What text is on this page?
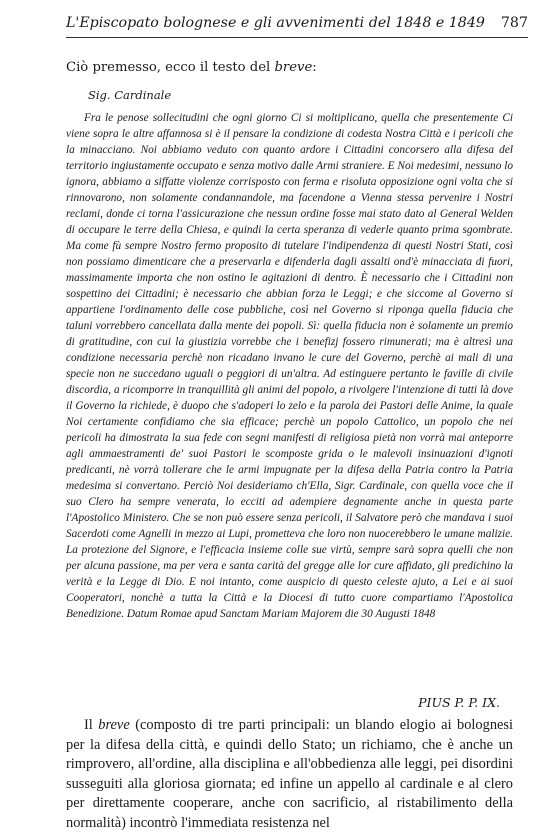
L'Episcopato bolognese e gli avvenimenti del 1848 e 1849 787
Ciò premesso, ecco il testo del breve:
Sig. Cardinale
Fra le penose sollecitudini che ogni giorno Ci si moltiplicano, quella che presentemente Ci viene sopra le altre affannosa si è il pensare la condizione di codesta Nostra Città e i pericoli che la minacciano. Noi abbiamo veduto con quanto ardore i Cittadini concorsero alla difesa del territorio ingiustamente occupato e senza motivo dalle Armi straniere. E Noi medesimi, nessuno lo ignora, abbiamo a siffatte violenze corrisposto con ferma e risoluta opposizione ogni volta che si rinnovarono, non solamente condannandole, ma facendone a Vienna stessa pervenire i Nostri reclami, donde ci torna l'assicurazione che nessun ordine fosse mai stato dato al General Welden di occupare le terre della Chiesa, e quindi la certa speranza di vederle quanto prima sgombrate. Ma come fù sempre Nostro fermo proposito di tutelare l'indipendenza di questi Nostri Stati, così non possiamo dimenticare che a preservarla e difenderla dagli assalti ond'è minacciata di fuori, massimamente importa che non ostino le agitazioni di dentro. È necessario che i Cittadini non sospettino dei Cittadini; è necessario che abbian forza le Leggi; e che siccome al Governo si appartiene l'ordinamento delle cose pubbliche, così nel Governo si riponga quella fiducia che taluni vorrebbero cancellata dalla mente dei popoli. Sì: quella fiducia non è solamente un premio di gratitudine, con cui la giustizia vorrebbe che i benefizj fossero rimunerati; ma è altresì una condizione necessaria perchè non ricadano invano le cure del Governo, perchè ai mali di una specie non ne succedano uguali o peggiori di un'altra. Ad estinguere pertanto le faville di civile discordia, a ricomporre in tranquillità gli animi del popolo, a rivolgere l'intenzione di tutti là dove il Governo la richiede, è duopo che s'adoperi lo zelo e la parola dei Pastori delle Anime, la quale Noi certamente confidiamo che sia efficace; perchè un popolo Cattolico, un popolo che nei pericoli ha dimostrata la sua fede con segni manifesti di religiosa pietà non vorrà mai anteporre agli ammaestramenti de' suoi Pastori le scomposte grida o le malevoli insinuazioni d'ignoti predicanti, nè vorrà tollerare che le armi impugnate per la difesa della Patria contro la Patria medesima si convertano. Perciò Noi desideriamo ch'Ella, Sigr. Cardinale, con quella voce che il suo Clero ha sempre venerata, lo ecciti ad adempiere degnamente anche in questa parte l'Apostolico Ministero. Che se non può essere senza pericoli, il Salvatore però che mandava i suoi Sacerdoti come Agnelli in mezzo ai Lupi, prometteva che loro non nuocerebbero le umane malizie. La protezione del Signore, e l'efficacia insieme colle sue virtù, sempre sarà sopra quelli che non per alcuna passione, ma per vera e santa carità del gregge alle lor cure affidato, gli predichino la verità e la Legge di Dio. E noi intanto, come auspicio di questo celeste ajuto, a Lei e ai suoi Cooperatori, nonchè a tutta la Città e la Diocesi di tutto cuore compartiamo l'Apostolica Benedizione. Datum Romae apud Sanctam Mariam Majorem die 30 Augusti 1848
PIUS P. P. IX.
Il breve (composto di tre parti principali: un blando elogio ai bolognesi per la difesa della città, e quindi dello Stato; un richiamo, che è anche un rimprovero, all'ordine, alla disciplina e all'obbedienza alle leggi, pei disordini susseguiti alla gloriosa giornata; ed infine un appello al cardinale e al clero per direttamente cooperare, anche con sacrificio, al ristabilimento della normalità) incontrò l'immediata resistenza nel
